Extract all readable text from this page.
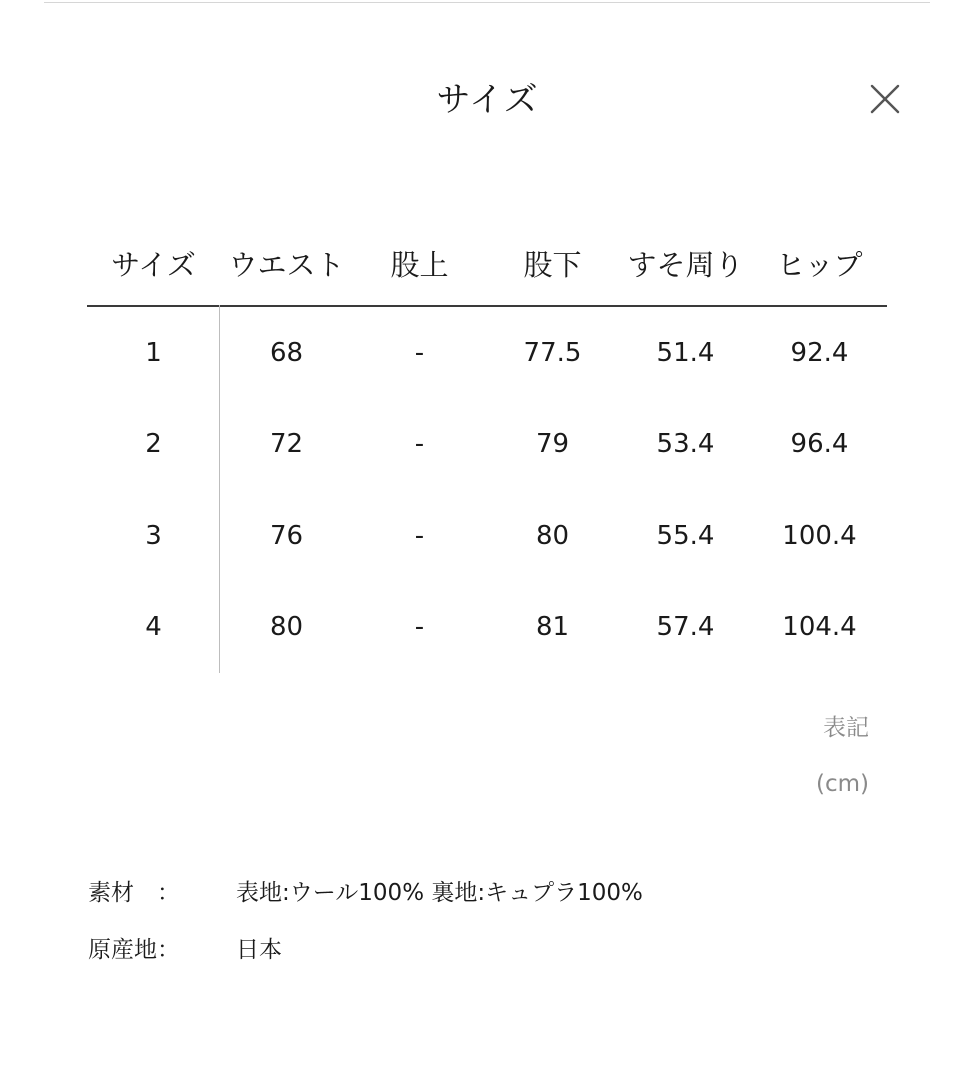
サイズ
サイズ	ウエスト	股上	股下	すそ周り	ヒップ
1	68	-	77.5	51.4	92.4
2	72	-	79	53.4	96.4
3	76	-	80	55.4	100.4
4	80	-	81	57.4	104.4
表記
(cm)
素材　：	表地:ウール100% 裏地:キュプラ100%
原産地：	日本
